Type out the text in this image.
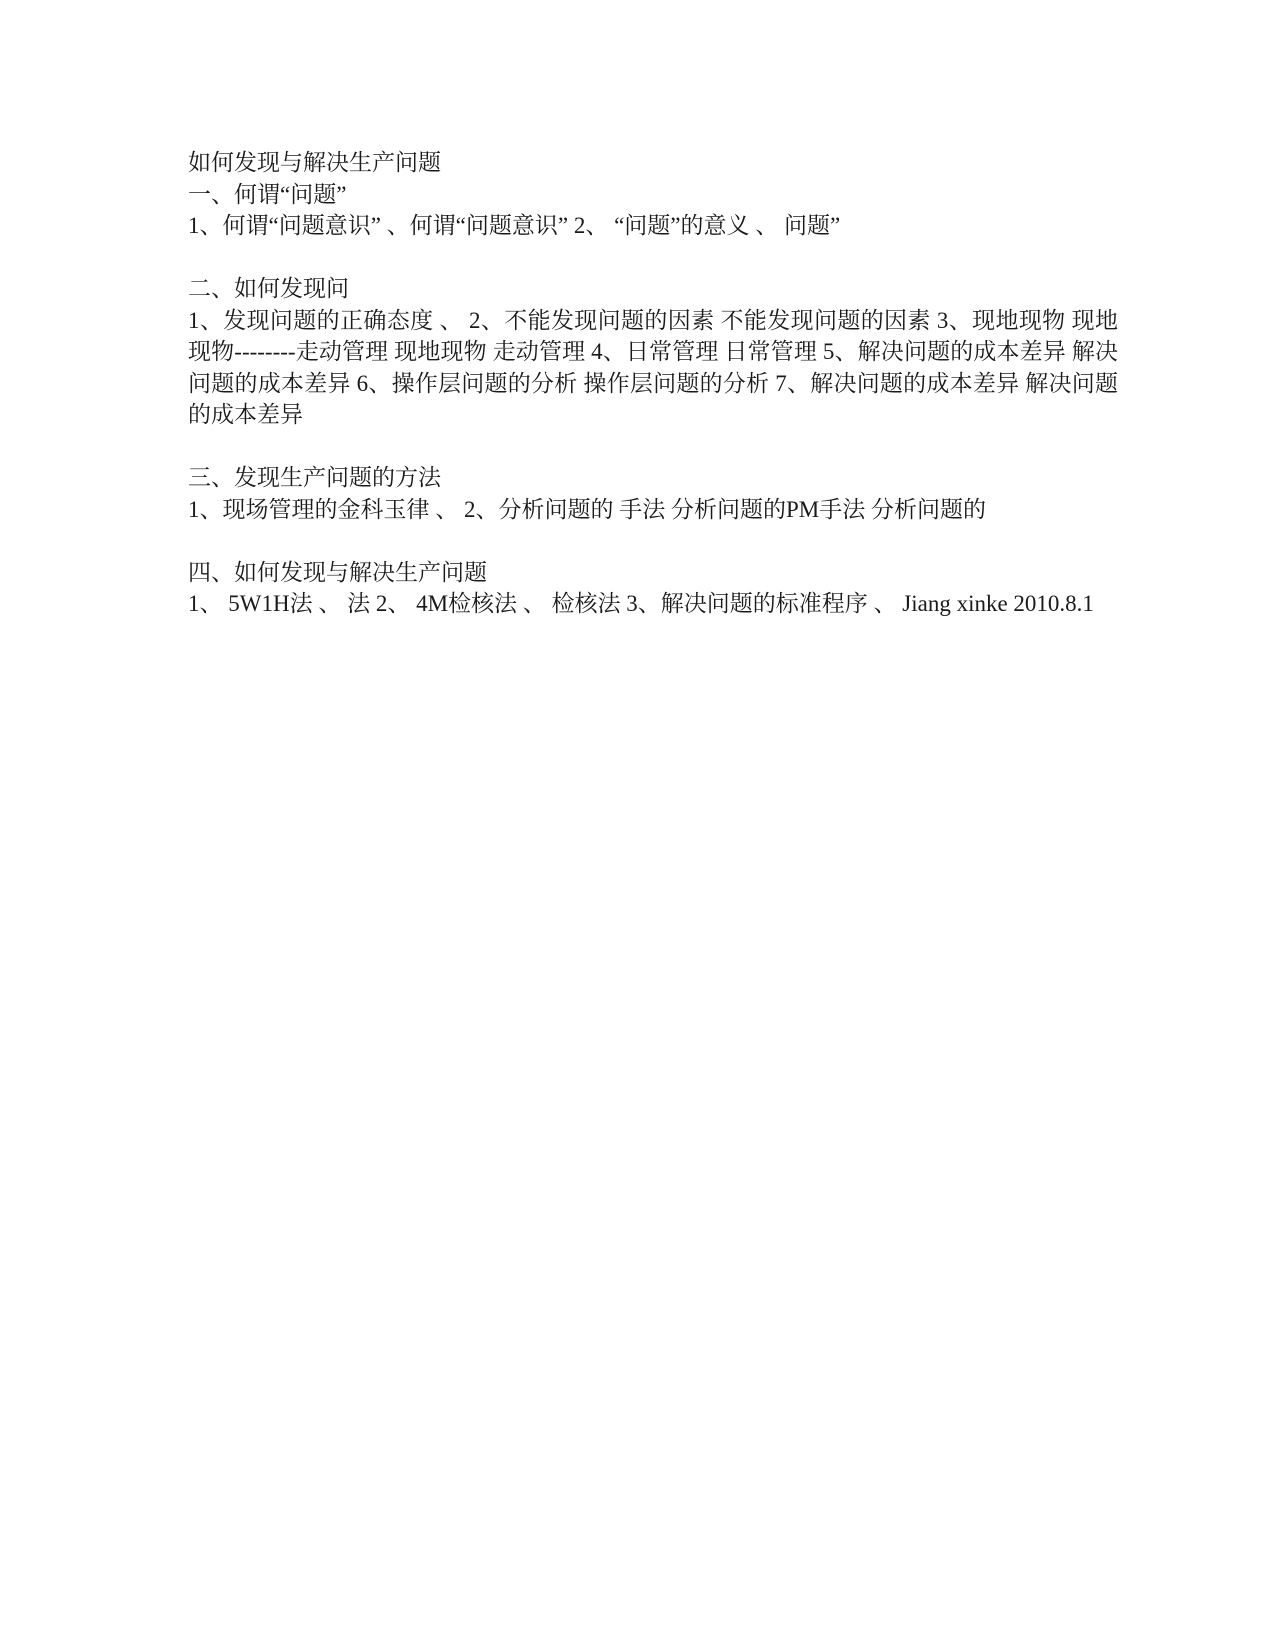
如何发现与解决生产问题
一、何谓“问题”
1、何谓“问题意识” 、何谓“问题意识” 2、 “问题”的意义 、 问题”
二、如何发现问
1、发现问题的正确态度 、 2、不能发现问题的因素 不能发现问题的因素 3、现地现物 现地现物--------走动管理 现地现物 走动管理 4、日常管理 日常管理 5、解决问题的成本差异 解决问题的成本差异 6、操作层问题的分析 操作层问题的分析 7、解决问题的成本差异 解决问题的成本差异
三、发现生产问题的方法
1、现场管理的金科玉律 、 2、分析问题的 手法 分析问题的PM手法 分析问题的
四、如何发现与解决生产问题
1、 5W1H法 、 法 2、 4M检核法 、 检核法 3、解决问题的标准程序 、 Jiang xinke 2010.8.1
